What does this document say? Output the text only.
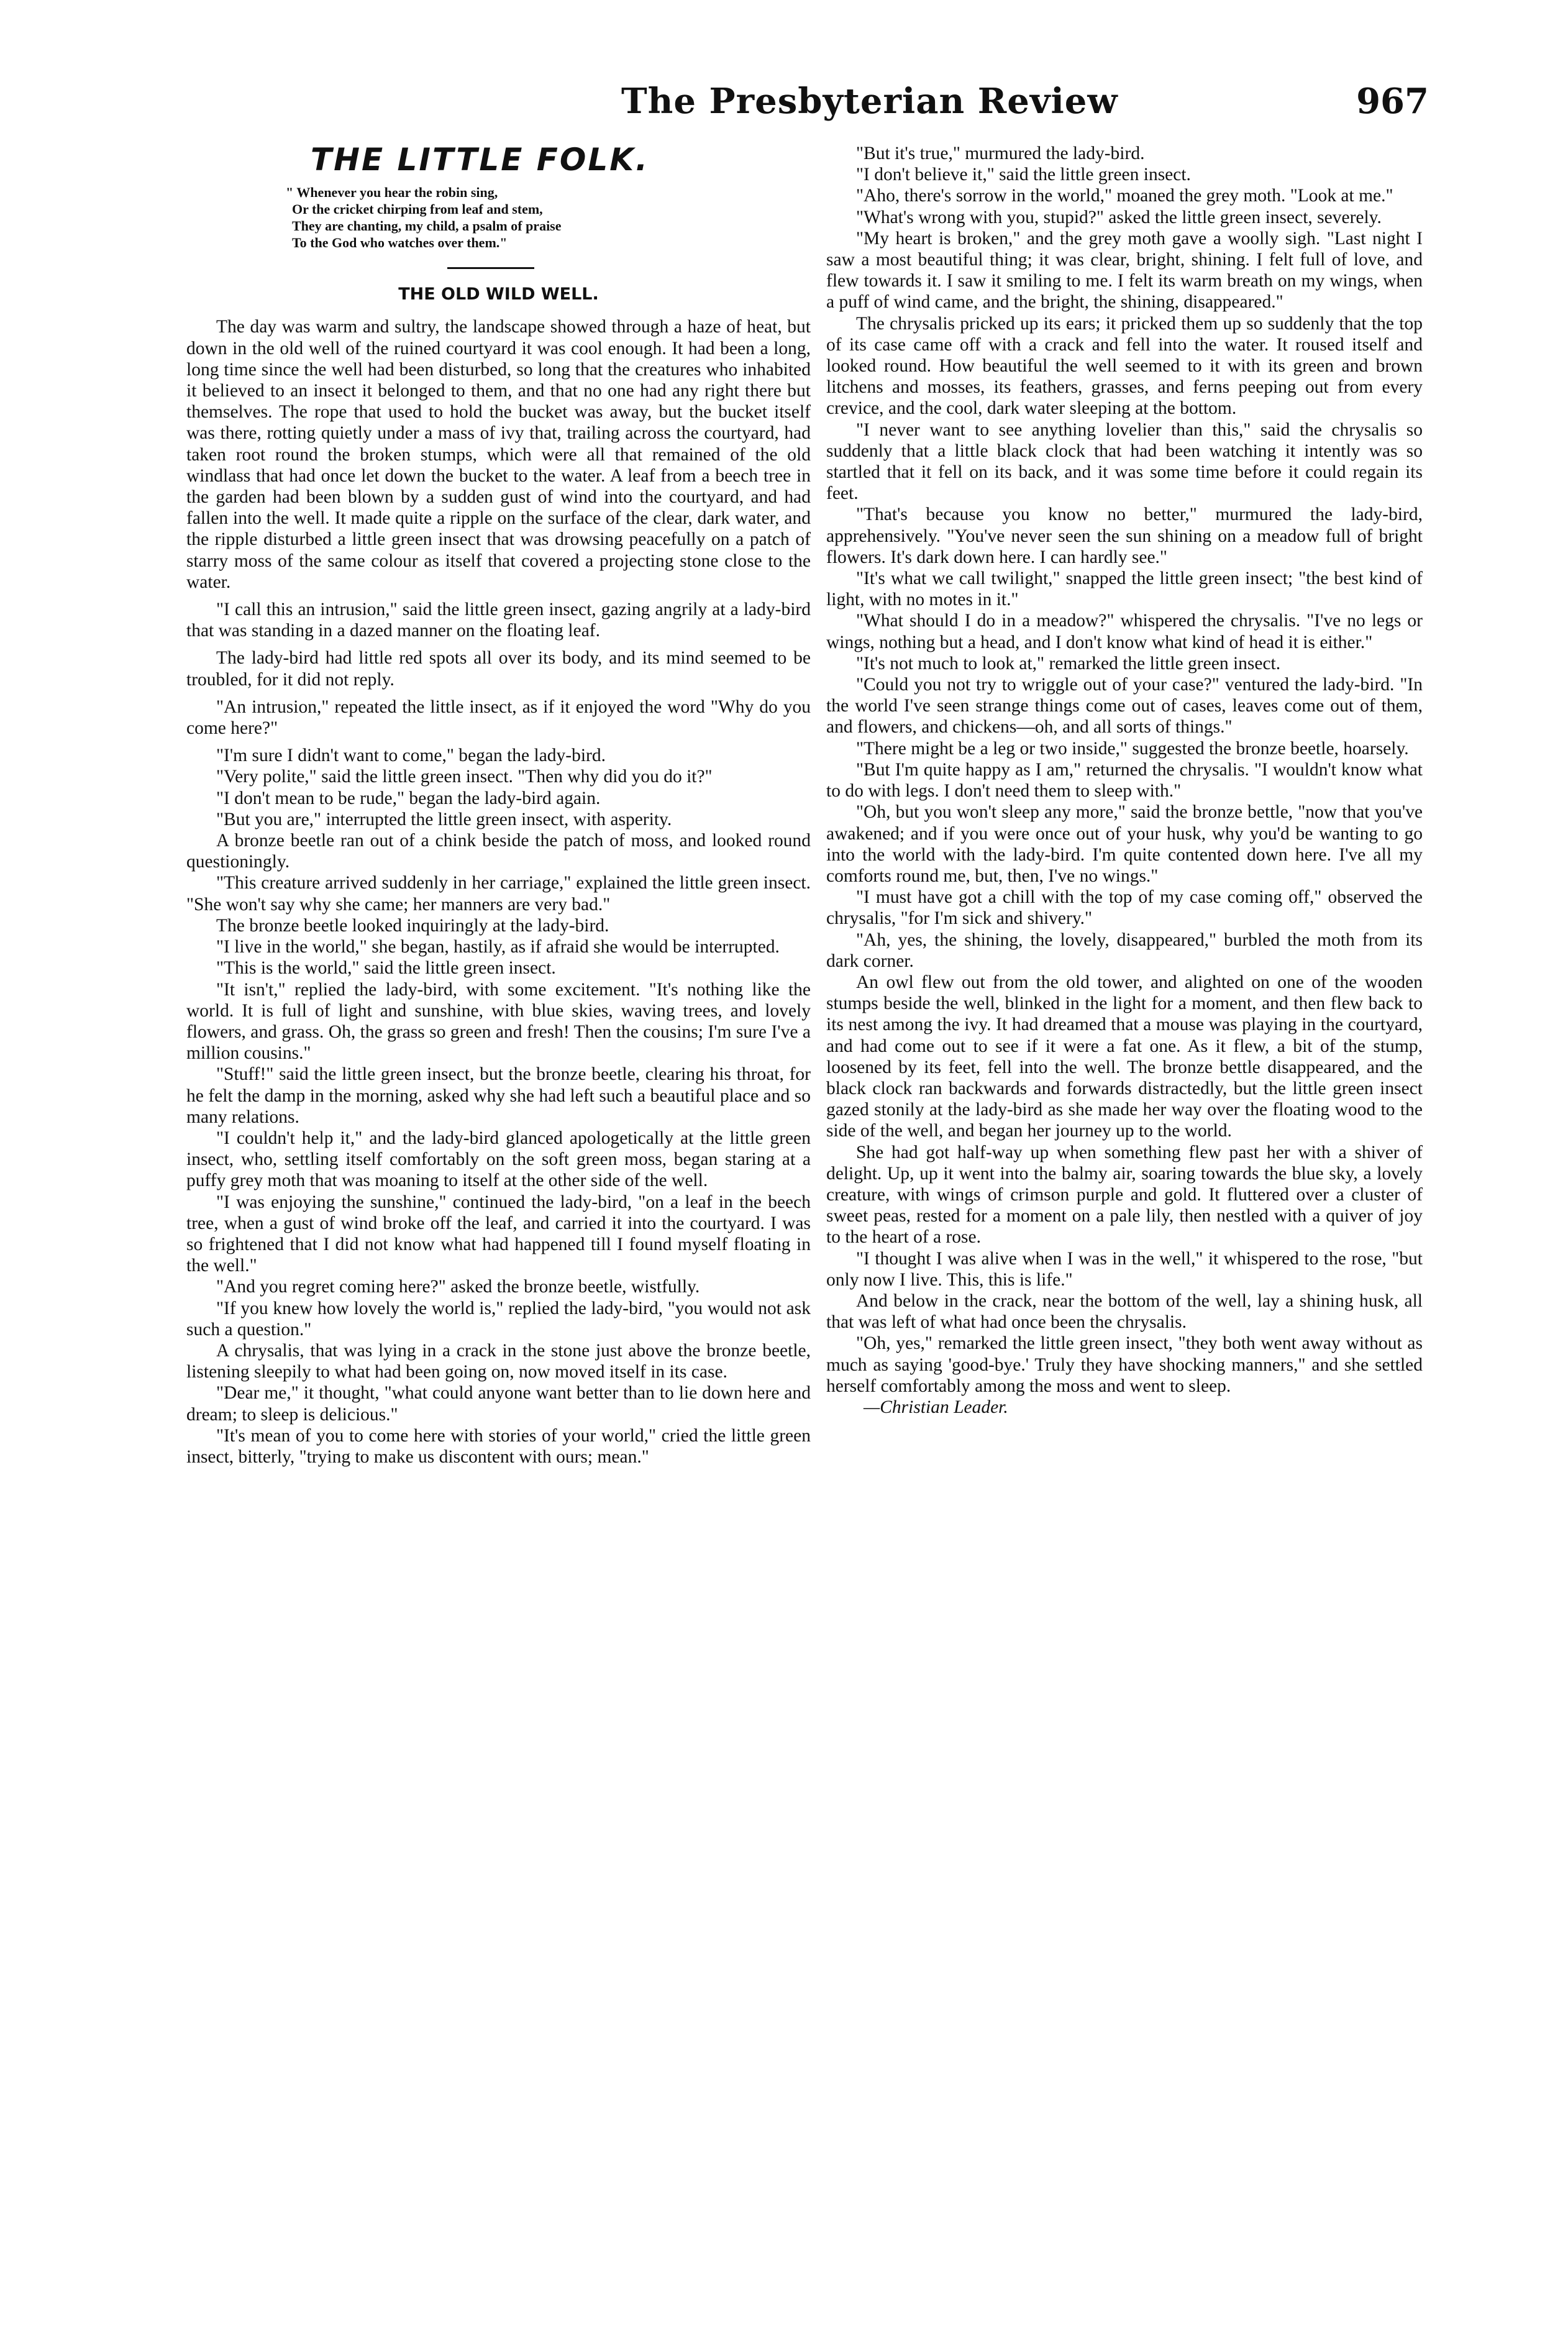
The Presbyterian Review	967
THE LITTLE FOLK.
" Whenever you hear the robin sing,
Or the cricket chirping from leaf and stem,
They are chanting, my child, a psalm of praise
To the God who watches over them."
THE OLD WILD WELL.

The day was warm and sultry, the landscape showed through a haze of heat, but down in the old well of the ruined courtyard it was cool enough. It had been a long, long time since the well had been disturbed, so long that the creatures who inhabited it believed to an insect it belonged to them, and that no one had any right there but themselves. The rope that used to hold the bucket was away, but the bucket itself was there, rotting quietly under a mass of ivy that, trailing across the courtyard, had taken root round the broken stumps, which were all that remained of the old windlass that had once let down the bucket to the water. A leaf from a beech tree in the garden had been blown by a sudden gust of wind into the courtyard, and had fallen into the well. It made quite a ripple on the surface of the clear, dark water, and the ripple disturbed a little green insect that was drowsing peacefully on a patch of starry moss of the same colour as itself that covered a projecting stone close to the water.

"I call this an intrusion," said the little green insect, gazing angrily at a lady-bird that was standing in a dazed manner on the floating leaf.

The lady-bird had little red spots all over its body, and its mind seemed to be troubled, for it did not reply.

"An intrusion," repeated the little insect, as if it enjoyed the word "Why do you come here?"

"I'm sure I didn't want to come," began the lady-bird.

"Very polite," said the little green insect. "Then why did you do it?"

"I don't mean to be rude," began the lady-bird again.

"But you are," interrupted the little green insect, with asperity.

A bronze beetle ran out of a chink beside the patch of moss, and looked round questioningly.

"This creature arrived suddenly in her carriage," explained the little green insect. "She won't say why she came; her manners are very bad."

The bronze beetle looked inquiringly at the lady-bird.

"I live in the world," she began, hastily, as if afraid she would be interrupted.

"This is the world," said the little green insect.

"It isn't," replied the lady-bird, with some excitement. "It's nothing like the world. It is full of light and sunshine, with blue skies, waving trees, and lovely flowers, and grass. Oh, the grass so green and fresh! Then the cousins; I'm sure I've a million cousins."

"Stuff!" said the little green insect, but the bronze beetle, clearing his throat, for he felt the damp in the morning, asked why she had left such a beautiful place and so many relations.

"I couldn't help it," and the lady-bird glanced apologetically at the little green insect, who, settling itself comfortably on the soft green moss, began staring at a puffy grey moth that was moaning to itself at the other side of the well.

"I was enjoying the sunshine," continued the lady-bird, "on a leaf in the beech tree, when a gust of wind broke off the leaf, and carried it into the courtyard. I was so frightened that I did not know what had happened till I found myself floating in the well."

"And you regret coming here?" asked the bronze beetle, wistfully.

"If you knew how lovely the world is," replied the lady-bird, "you would not ask such a question."

A chrysalis, that was lying in a crack in the stone just above the bronze beetle, listening sleepily to what had been going on, now moved itself in its case.

"Dear me," it thought, "what could anyone want better than to lie down here and dream; to sleep is delicious."

"It's mean of you to come here with stories of your world," cried the little green insect, bitterly, "trying to make us discontent with ours; mean."

"But it's true," murmured the lady-bird.

"I don't believe it," said the little green insect.

"Aho, there's sorrow in the world," moaned the grey moth. "Look at me."

"What's wrong with you, stupid?" asked the little green insect, severely.

"My heart is broken," and the grey moth gave a woolly sigh. "Last night I saw a most beautiful thing; it was clear, bright, shining. I felt full of love, and flew towards it. I saw it smiling to me. I felt its warm breath on my wings, when a puff of wind came, and the bright, the shining, disappeared."

The chrysalis pricked up its ears; it pricked them up so suddenly that the top of its case came off with a crack and fell into the water. It roused itself and looked round. How beautiful the well seemed to it with its green and brown litchens and mosses, its feathers, grasses, and ferns peeping out from every crevice, and the cool, dark water sleeping at the bottom.

"I never want to see anything lovelier than this," said the chrysalis so suddenly that a little black clock that had been watching it intently was so startled that it fell on its back, and it was some time before it could regain its feet.

"That's because you know no better," murmured the lady-bird, apprehensively. "You've never seen the sun shining on a meadow full of bright flowers. It's dark down here. I can hardly see."

"It's what we call twilight," snapped the little green insect; "the best kind of light, with no motes in it."

"What should I do in a meadow?" whispered the chrysalis. "I've no legs or wings, nothing but a head, and I don't know what kind of head it is either."

"It's not much to look at," remarked the little green insect.

"Could you not try to wriggle out of your case?" ventured the lady-bird. "In the world I've seen strange things come out of cases, leaves come out of them, and flowers, and chickens—oh, and all sorts of things."

"There might be a leg or two inside," suggested the bronze beetle, hoarsely.

"But I'm quite happy as I am," returned the chrysalis. "I wouldn't know what to do with legs. I don't need them to sleep with."

"Oh, but you won't sleep any more," said the bronze bettle, "now that you've awakened; and if you were once out of your husk, why you'd be wanting to go into the world with the lady-bird. I'm quite contented down here. I've all my comforts round me, but, then, I've no wings."

"I must have got a chill with the top of my case coming off," observed the chrysalis, "for I'm sick and shivery."

"Ah, yes, the shining, the lovely, disappeared," burbled the moth from its dark corner.

An owl flew out from the old tower, and alighted on one of the wooden stumps beside the well, blinked in the light for a moment, and then flew back to its nest among the ivy. It had dreamed that a mouse was playing in the courtyard, and had come out to see if it were a fat one. As it flew, a bit of the stump, loosened by its feet, fell into the well. The bronze bettle disappeared, and the black clock ran backwards and forwards distractedly, but the little green insect gazed stonily at the lady-bird as she made her way over the floating wood to the side of the well, and began her journey up to the world.

She had got half-way up when something flew past her with a shiver of delight. Up, up it went into the balmy air, soaring towards the blue sky, a lovely creature, with wings of crimson purple and gold. It fluttered over a cluster of sweet peas, rested for a moment on a pale lily, then nestled with a quiver of joy to the heart of a rose.

"I thought I was alive when I was in the well," it whispered to the rose, "but only now I live. This, this is life."

And below in the crack, near the bottom of the well, lay a shining husk, all that was left of what had once been the chrysalis.

"Oh, yes," remarked the little green insect, "they both went away without as much as saying 'good-bye.' Truly they have shocking manners," and she settled herself comfortably among the moss and went to sleep.

—Christian Leader.
